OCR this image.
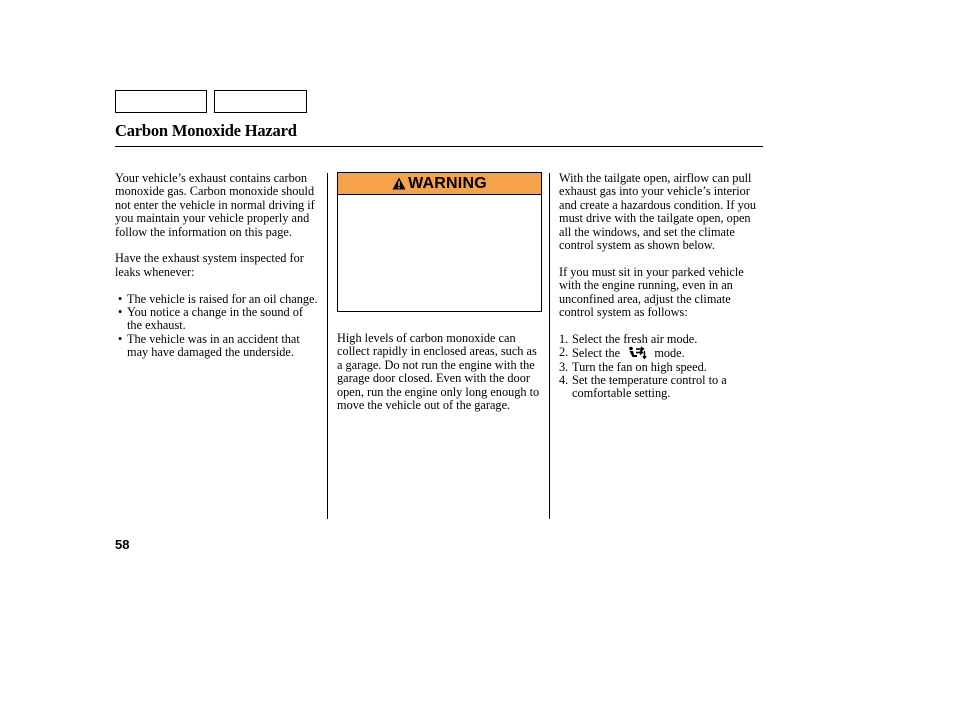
Carbon Monoxide Hazard

Your vehicle’s exhaust contains carbon monoxide gas. Carbon monoxide should not enter the vehicle in normal driving if you maintain your vehicle properly and follow the information on this page.

Have the exhaust system inspected for leaks whenever:

• The vehicle is raised for an oil change.
• You notice a change in the sound of the exhaust.
• The vehicle was in an accident that may have damaged the underside.
WARNING

High levels of carbon monoxide can collect rapidly in enclosed areas, such as a garage. Do not run the engine with the garage door closed. Even with the door open, run the engine only long enough to move the vehicle out of the garage.

With the tailgate open, airflow can pull exhaust gas into your vehicle’s interior and create a hazardous condition. If you must drive with the tailgate open, open all the windows, and set the climate control system as shown below.

If you must sit in your parked vehicle with the engine running, even in an unconfined area, adjust the climate control system as follows:

1. Select the fresh air mode.
2. Select the	mode.
3. Turn the fan on high speed.
4. Set the temperature control to a comfortable setting.
58
